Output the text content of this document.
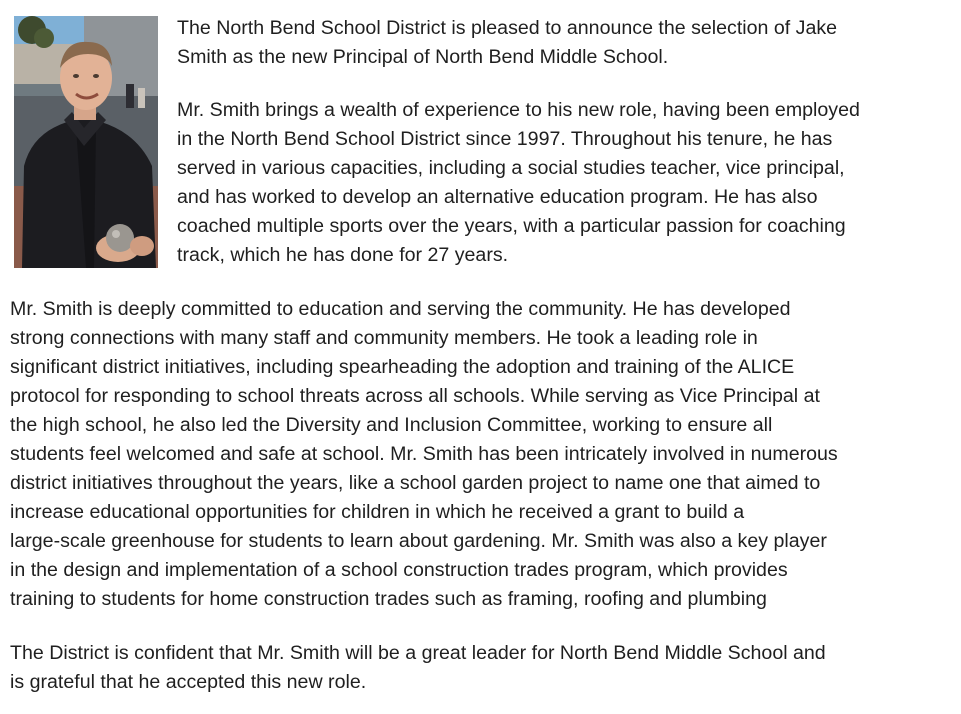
The North Bend School District is pleased to announce the selection of Jake
Smith as the new Principal of North Bend Middle School.

Mr. Smith brings a wealth of experience to his new role, having been employed
in the North Bend School District since 1997. Throughout his tenure, he has
served in various capacities, including a social studies teacher, vice principal,
and has worked to develop an alternative education program. He has also
coached multiple sports over the years, with a particular passion for coaching
track, which he has done for 27 years.

Mr. Smith is deeply committed to education and serving the community. He has developed
strong connections with many staff and community members. He took a leading role in
significant district initiatives, including spearheading the adoption and training of the ALICE
protocol for responding to school threats across all schools. While serving as Vice Principal at
the high school, he also led the Diversity and Inclusion Committee, working to ensure all
students feel welcomed and safe at school. Mr. Smith has been intricately involved in numerous
district initiatives throughout the years, like a school garden project to name one that aimed to
increase educational opportunities for children in which he received a grant to build a
large-scale greenhouse for students to learn about gardening. Mr. Smith was also a key player
in the design and implementation of a school construction trades program, which provides
training to students for home construction trades such as framing, roofing and plumbing

The District is confident that Mr. Smith will be a great leader for North Bend Middle School and
is grateful that he accepted this new role.
